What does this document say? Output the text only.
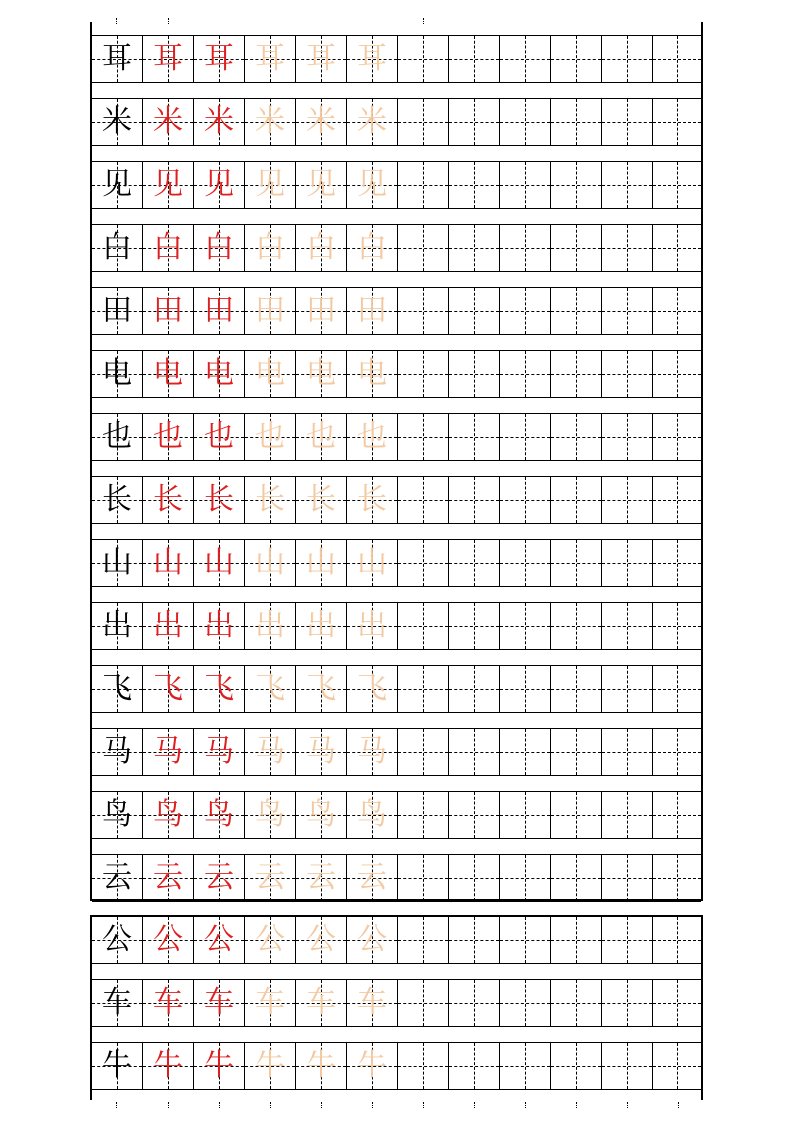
耳 耳 耳 耳 耳 耳
米 米 米 米 米 米
见 见 见 见 见 见
白 白 白 白 白 白
田 田 田 田 田 田
电 电 电 电 电 电
也 也 也 也 也 也
长 长 长 长 长 长
山 山 山 山 山 山
出 出 出 出 出 出
飞 飞 飞 飞 飞 飞
马 马 马 马 马 马
鸟 鸟 鸟 鸟 鸟 鸟
云 云 云 云 云 云
公 公 公 公 公 公
车 车 车 车 车 车
牛 牛 牛 牛 牛 牛
